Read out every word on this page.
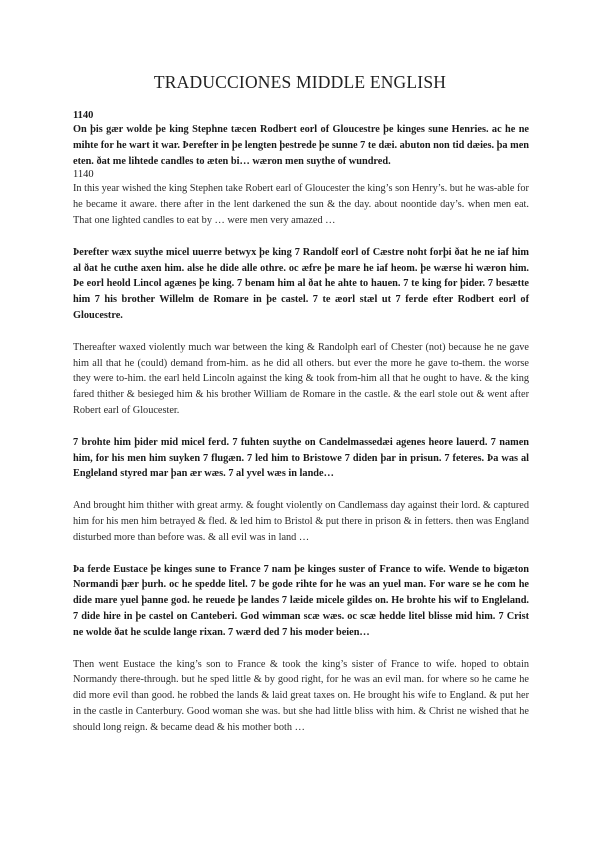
TRADUCCIONES MIDDLE ENGLISH
1140

On þis gær wolde þe king Stephne tæcen Rodbert eorl of Gloucestre þe kinges sune Henries. ac he ne mihte for he wart it war. Þerefter in þe lengten þestrede þe sunne 7 te dæi. abuton non tid dæies. þa men eten. ðat me lihtede candles to æten bi… wæron men suythe of wundred.

1140

In this year wished the king Stephen take Robert earl of Gloucester the king’s son Henry’s. but he was-able for he became it aware. there after in the lent darkened the sun & the day. about noontide day’s. when men eat. That one lighted candles to eat by … were men very amazed …

Þerefter wæx suythe micel uuerre betwyx þe king 7 Randolf eorl of Cæstre noht forþi ðat he ne iaf him al ðat he cuthe axen him. alse he dide alle othre. oc æfre þe mare he iaf heom. þe wærse hi wæron him. Þe eorl heold Lincol agænes þe king. 7 benam him al ðat he ahte to hauen. 7 te king for þider. 7 besætte him 7 his brother Willelm de Romare in þe castel. 7 te æorl stæl ut 7 ferde efter Rodbert eorl of Gloucestre.

Thereafter waxed violently much war between the king & Randolph earl of Chester (not) because he ne gave him all that he (could) demand from-him. as he did all others. but ever the more he gave to-them. the worse they were to-him. the earl held Lincoln against the king & took from-him all that he ought to have. & the king fared thither & besieged him & his brother William de Romare in the castle. & the earl stole out & went after Robert earl of Gloucester.

7 brohte him þider mid micel ferd. 7 fuhten suythe on Candelmassedæi agenes heore lauerd. 7 namen him, for his men him suyken 7 flugæn. 7 led him to Bristowe 7 diden þar in prisun. 7 feteres. Þa was al Engleland styred mar þan ær wæs. 7 al yvel wæs in lande…

And brought him thither with great army. & fought violently on Candlemass day against their lord. & captured him for his men him betrayed & fled. & led him to Bristol & put there in prison & in fetters. then was England disturbed more than before was. & all evil was in land …

Þa ferde Eustace þe kinges sune to France 7 nam þe kinges suster of France to wife. Wende to bigæton Normandi þær þurh. oc he spedde litel. 7 be gode rihte for he was an yuel man. For ware se he com he dide mare yuel þanne god. he reuede þe landes 7 læide micele gildes on. He brohte his wif to Engleland. 7 dide hire in þe castel on Canteberi. God wimman scæ wæs. oc scæ hedde litel blisse mid him. 7 Crist ne wolde ðat he sculde lange rixan. 7 wærd ded 7 his moder beien…

Then went Eustace the king’s son to France & took the king’s sister of France to wife. hoped to obtain Normandy there-through. but he sped little & by good right, for he was an evil man. for where so he came he did more evil than good. he robbed the lands & laid great taxes on. He brought his wife to England. & put her in the castle in Canterbury. Good woman she was. but she had little bliss with him. & Christ ne wished that he should long reign. & became dead & his mother both …
